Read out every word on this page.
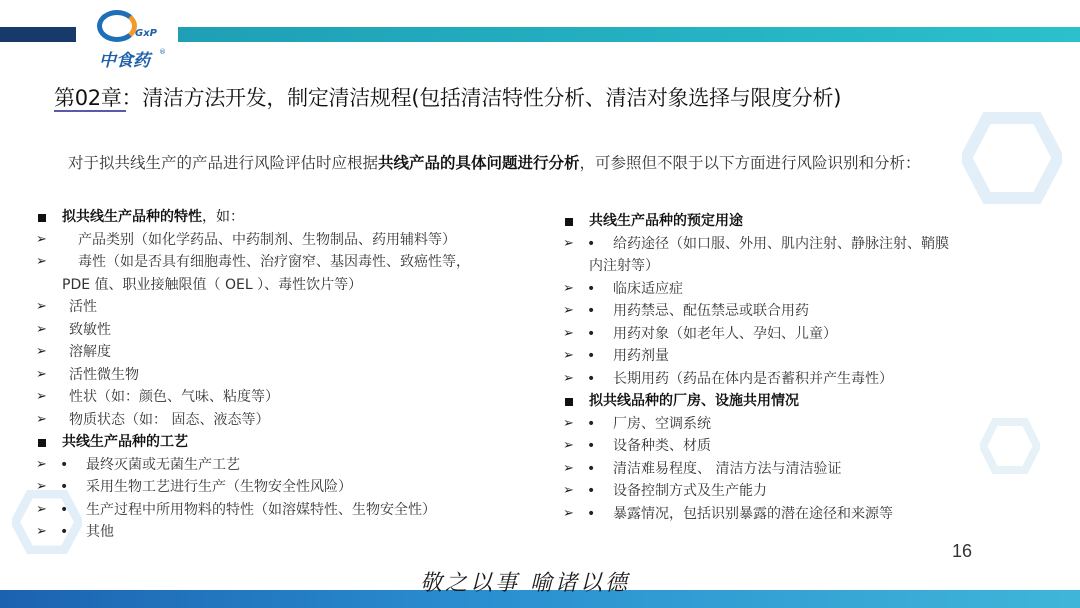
GxP
中食药 ®
第02章：清洁方法开发，制定清洁规程(包括清洁特性分析、清洁对象选择与限度分析)
对于拟共线生产的产品进行风险评估时应根据共线产品的具体问题进行分析，可参照但不限于以下方面进行风险识别和分析：
拟共线生产品种的特性，如：
➢ 产品类别（如化学药品、中药制剂、生物制品、药用辅料等）
➢ 毒性（如是否具有细胞毒性、治疗窗窄、基因毒性、致癌性等，
PDE 值、职业接触限值（ OEL ）、毒性饮片等）
➢ 活性
➢ 致敏性
➢ 溶解度
➢ 活性微生物
➢ 性状（如：颜色、气味、粘度等）
➢ 物质状态（如： 固态、液态等）
共线生产品种的工艺
➢ • 最终灭菌或无菌生产工艺
➢ • 采用生物工艺进行生产（生物安全性风险）
➢ • 生产过程中所用物料的特性（如溶媒特性、生物安全性）
➢ • 其他
共线生产品种的预定用途
➢ • 给药途径（如口服、外用、肌内注射、静脉注射、鞘膜
内注射等）
➢ • 临床适应症
➢ • 用药禁忌、配伍禁忌或联合用药
➢ • 用药对象（如老年人、孕妇、儿童）
➢ • 用药剂量
➢ • 长期用药（药品在体内是否蓄积并产生毒性）
拟共线品种的厂房、设施共用情况
➢ • 厂房、空调系统
➢ • 设备种类、材质
➢ • 清洁难易程度、 清洁方法与清洁验证
➢ • 设备控制方式及生产能力
➢ • 暴露情况，包括识别暴露的潜在途径和来源等
16
敬之以事 喻诸以德
